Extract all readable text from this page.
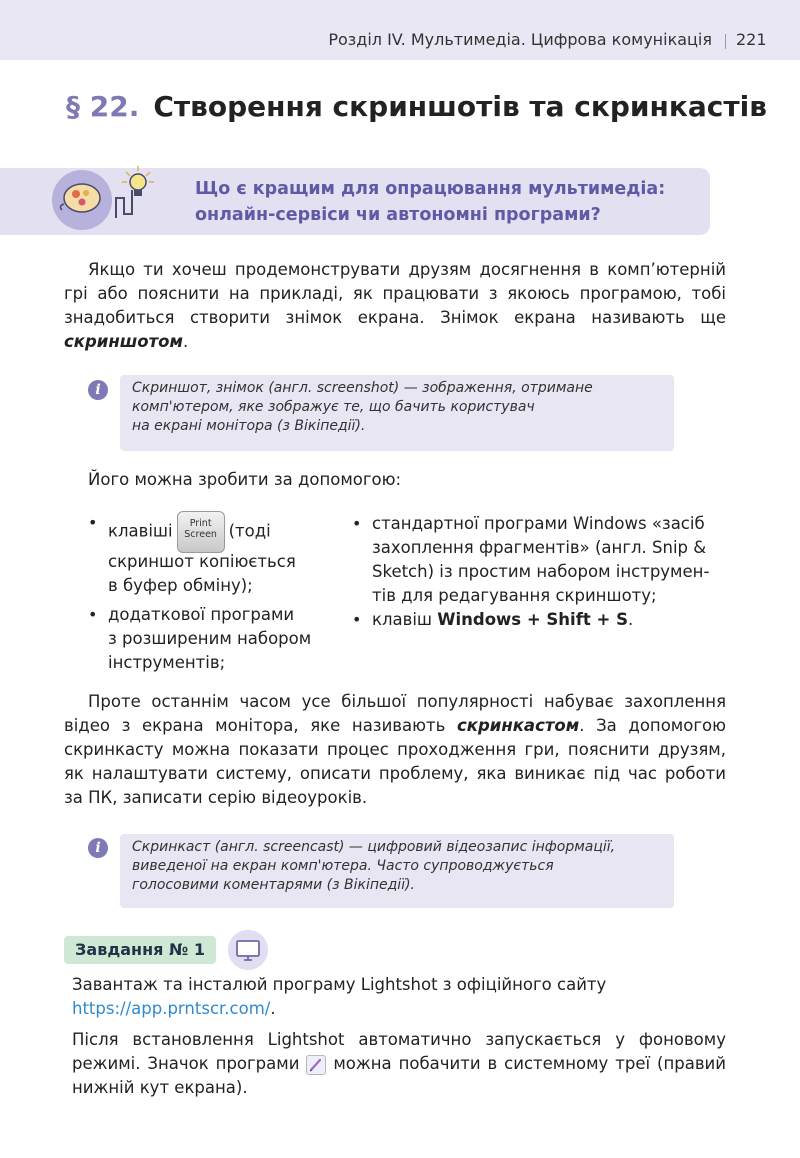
Розділ IV. Мультимедіа. Цифрова комунікація 221
§ 22. Створення скриншотів та скринкастів
Що є кращим для опрацювання мультимедіа:
онлайн-сервіси чи автономні програми?
Якщо ти хочеш продемонструвати друзям досягнення в комп’ютерній грі або пояснити на прикладі, як працювати з якоюсь програмою, тобі знадобиться створити знімок екрана. Знімок екрана називають ще скриншотом.
i	Скриншот, знімок (англ. screenshot) — зображення, отримане
комп'ютером, яке зображує те, що бачить користувач
на екрані монітора (з Вікіпедії).
Його можна зробити за допомогою:
• клавіші Print
Screen (тоді
скриншот копіюється
в буфер обміну);
• додаткової програми
з розширеним набором
інструментів;
• стандартної програми Windows «засіб
захоплення фрагментів» (англ. Snip &
Sketch) із простим набором інструмен-
тів для редагування скриншоту;
• клавіш Windows + Shift + S.
Проте останнім часом усе більшої популярності набуває захоплення відео з екрана монітора, яке називають скринкастом. За допомогою скринкасту можна показати процес проходження гри, пояснити друзям, як налаштувати систему, описати проблему, яка виникає під час роботи за ПК, записати серію відеоуроків.
i	Скринкаст (англ. screencast) — цифровий відеозапис інформації,
виведеної на екран комп'ютера. Часто супроводжується
голосовими коментарями (з Вікіпедії).
Завдання № 1
Завантаж та інсталюй програму Lightshot з офіційного сайту
https://app.prntscr.com/.
Після встановлення Lightshot автоматично запускається у фоновому режимі. Значок програми
можна побачити в системному треї (правий нижній кут екрана).
